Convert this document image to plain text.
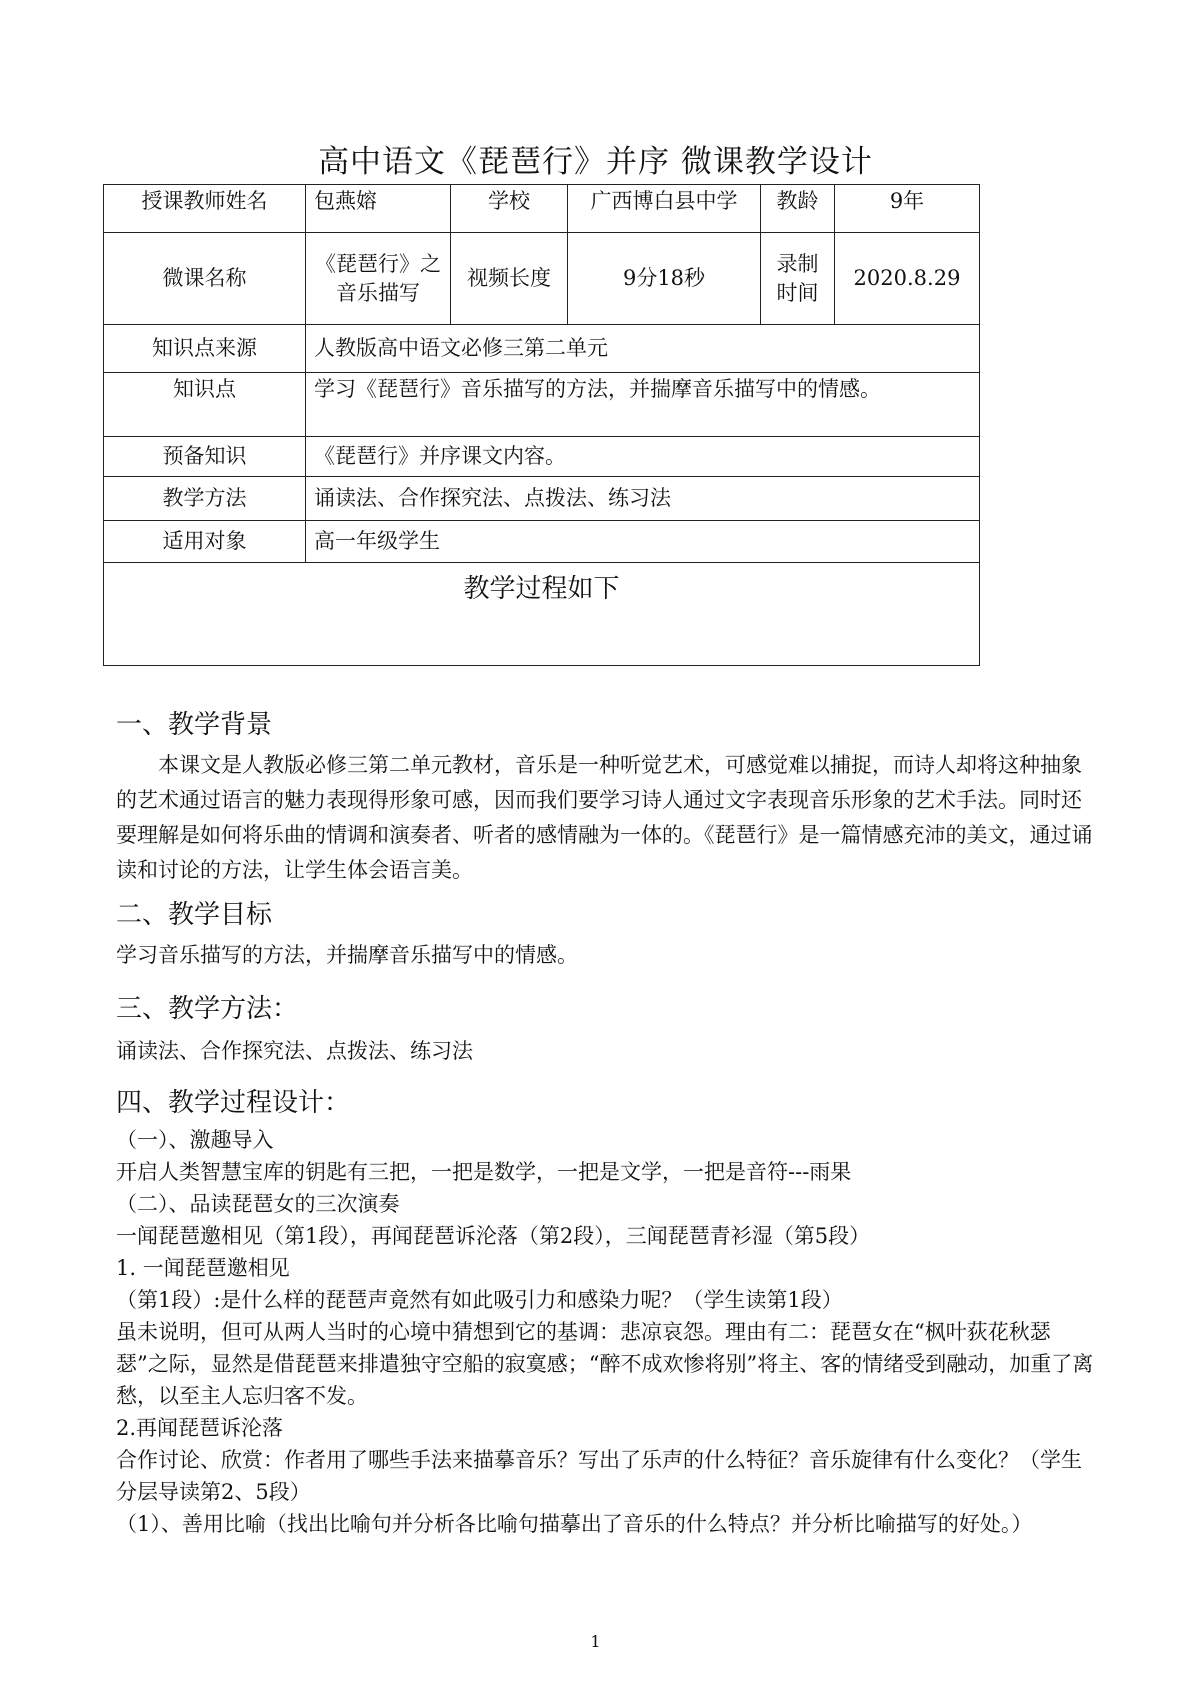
高中语文《琵琶行》并序 微课教学设计
授课教师姓名	包燕嫆	学校	广西博白县中学	教龄	9年
微课名称	《琵琶行》之音乐描写	视频长度	9分18秒	录制时间	2020.8.29
知识点来源	人教版高中语文必修三第二单元				
知识点	学习《琵琶行》音乐描写的方法，并揣摩音乐描写中的情感。				
预备知识	《琵琶行》并序课文内容。				
教学方法	诵读法、合作探究法、点拨法、练习法				
适用对象	高一年级学生				
教学过程如下					
一、教学背景
本课文是人教版必修三第二单元教材，音乐是一种听觉艺术，可感觉难以捕捉，而诗人却将这种抽象的艺术通过语言的魅力表现得形象可感，因而我们要学习诗人通过文字表现音乐形象的艺术手法。同时还要理解是如何将乐曲的情调和演奏者、听者的感情融为一体的。《琵琶行》是一篇情感充沛的美文，通过诵读和讨论的方法，让学生体会语言美。
二、教学目标
学习音乐描写的方法，并揣摩音乐描写中的情感。
三、教学方法：
诵读法、合作探究法、点拨法、练习法
四、教学过程设计：
（一）、激趣导入
开启人类智慧宝库的钥匙有三把，一把是数学，一把是文学，一把是音符---雨果
（二）、品读琵琶女的三次演奏
一闻琵琶邀相见（第1段），再闻琵琶诉沦落（第2段），三闻琵琶青衫湿（第5段）
1. 一闻琵琶邀相见
（第1段）:是什么样的琵琶声竟然有如此吸引力和感染力呢？（学生读第1段）
虽未说明，但可从两人当时的心境中猜想到它的基调：悲凉哀怨。理由有二：琵琶女在“枫叶荻花秋瑟瑟”之际，显然是借琵琶来排遣独守空船的寂寞感；“醉不成欢惨将别”将主、客的情绪受到融动，加重了离愁，以至主人忘归客不发。
2.再闻琵琶诉沦落
合作讨论、欣赏：作者用了哪些手法来描摹音乐？写出了乐声的什么特征？音乐旋律有什么变化？（学生分层导读第2、5段）
（1）、善用比喻（找出比喻句并分析各比喻句描摹出了音乐的什么特点？并分析比喻描写的好处。）
1
